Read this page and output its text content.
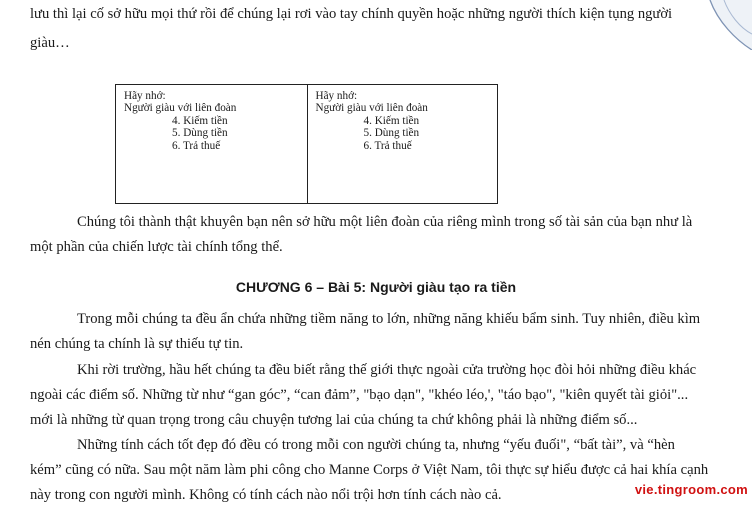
lưu thì lại cố sở hữu mọi thứ rồi để chúng lại rơi vào tay chính quyền hoặc những người thích kiện tụng người

giàu…

Hãy nhớ:
Người giàu với liên đoàn
4. Kiếm tiền
5. Dùng tiền
6. Trả thuế
Hãy nhớ:
Người giàu với liên đoàn
4. Kiếm tiền
5. Dùng tiền
6. Trả thuế

Chúng tôi thành thật khuyên bạn nên sở hữu một liên đoàn của riêng mình trong số tài sản của bạn như là

một phần của chiến lược tài chính tổng thể.

CHƯƠNG 6 – Bài 5: Người giàu tạo ra tiền

Trong mỗi chúng ta đều ẩn chứa những tiềm năng to lớn, những năng khiếu bẩm sinh. Tuy nhiên, điều kìm

nén chúng ta chính là sự thiếu tự tin.

Khi rời trường, hầu hết chúng ta đều biết rằng thế giới thực ngoài cửa trường học đòi hỏi những điều khác

ngoài các điểm số. Những từ như “gan góc”, “can đảm”, "bạo dạn", "khéo léo,', "táo bạo", "kiên quyết tài giỏi"...

mới là những từ quan trọng trong câu chuyện tương lai của chúng ta chứ không phải là những điểm số...

Những tính cách tốt đẹp đó đều có trong mỗi con người chúng ta, nhưng “yếu đuối", “bất tài”, và “hèn

kém” cũng có nữa. Sau một năm làm phi công cho Manne Corps ở Việt Nam, tôi thực sự hiểu được cả hai khía cạnh

này trong con người mình. Không có tính cách nào nổi trội hơn tính cách nào cả.	vie.tingroom.com
